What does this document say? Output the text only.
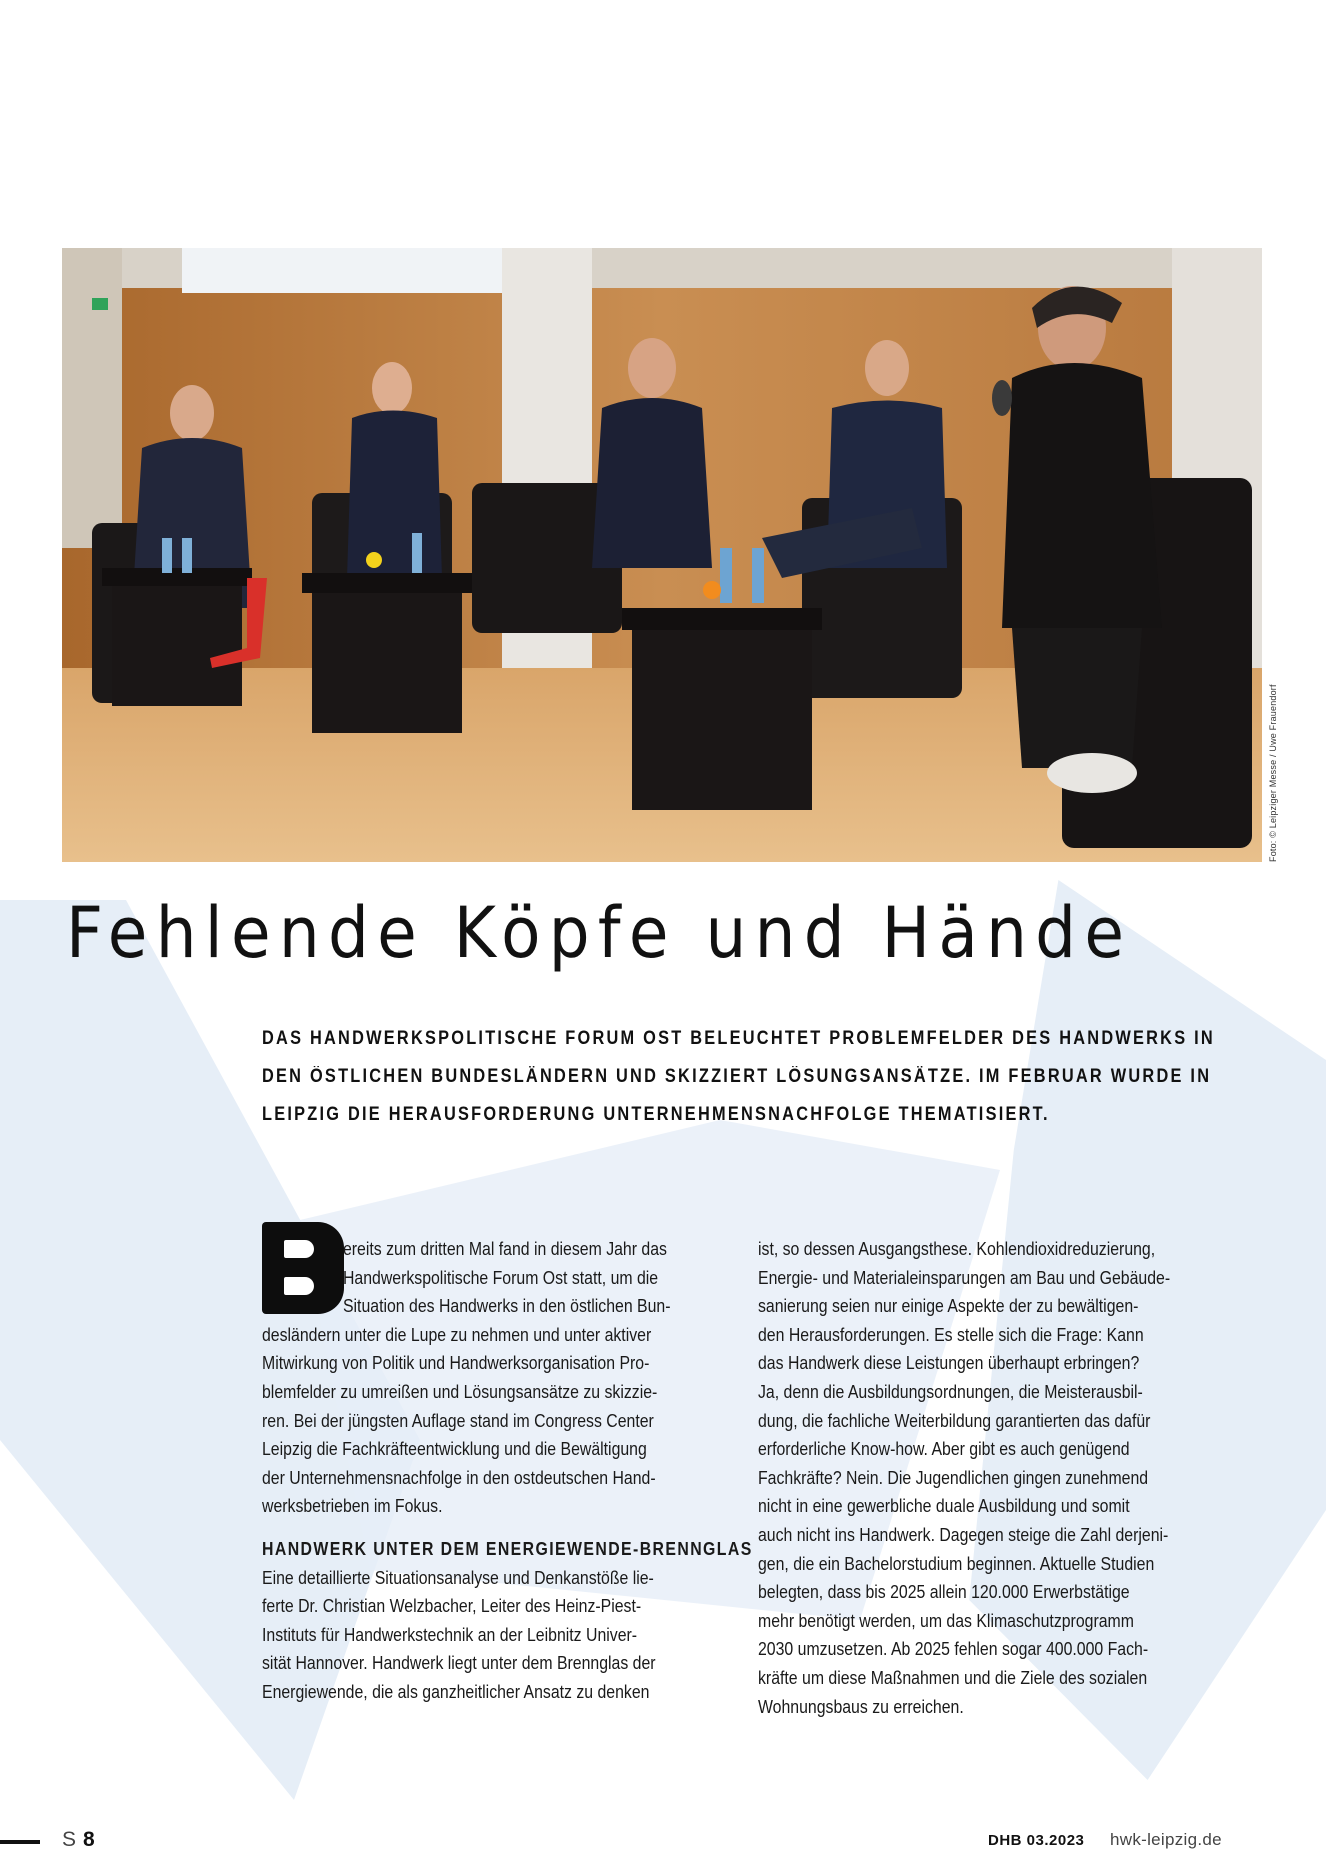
Foto: © Leipziger Messe / Uwe Frauendorf
Fehlende Köpfe und Hände
DAS HANDWERKSPOLITISCHE FORUM OST BELEUCHTET PROBLEMFELDER DES HANDWERKS IN
DEN ÖSTLICHEN BUNDESLÄNDERN UND SKIZZIERT LÖSUNGSANSÄTZE. IM FEBRUAR WURDE IN
LEIPZIG DIE HERAUSFORDERUNG UNTERNEHMENSNACHFOLGE THEMATISIERT.
ereits zum dritten Mal fand in diesem Jahr das
Handwerkspolitische Forum Ost statt, um die
Situation des Handwerks in den östlichen Bun-
desländern unter die Lupe zu nehmen und unter aktiver
Mitwirkung von Politik und Handwerksorganisation Pro-
blemfelder zu umreißen und Lösungsansätze zu skizzie-
ren. Bei der jüngsten Auflage stand im Congress Center
Leipzig die Fachkräfteentwicklung und die Bewältigung
der Unternehmensnachfolge in den ostdeutschen Hand-
werksbetrieben im Fokus.
HANDWERK UNTER DEM ENERGIEWENDE-BRENNGLAS
Eine detaillierte Situationsanalyse und Denkanstöße lie-
ferte Dr. Christian Welzbacher, Leiter des Heinz-Piest-
Instituts für Handwerkstechnik an der Leibnitz Univer-
sität Hannover. Handwerk liegt unter dem Brennglas der
Energiewende, die als ganzheitlicher Ansatz zu denken
ist, so dessen Ausgangsthese. Kohlendioxidreduzierung,
Energie- und Materialeinsparungen am Bau und Gebäude-
sanierung seien nur einige Aspekte der zu bewältigen-
den Herausforderungen. Es stelle sich die Frage: Kann
das Handwerk diese Leistungen überhaupt erbringen?
Ja, denn die Ausbildungsordnungen, die Meisterausbil-
dung, die fachliche Weiterbildung garantierten das dafür
erforderliche Know-how. Aber gibt es auch genügend
Fachkräfte? Nein. Die Jugendlichen gingen zunehmend
nicht in eine gewerbliche duale Ausbildung und somit
auch nicht ins Handwerk. Dagegen steige die Zahl derjeni-
gen, die ein Bachelorstudium beginnen. Aktuelle Studien
belegten, dass bis 2025 allein 120.000 Erwerbstätige
mehr benötigt werden, um das Klimaschutzprogramm
2030 umzusetzen. Ab 2025 fehlen sogar 400.000 Fach-
kräfte um diese Maßnahmen und die Ziele des sozialen
Wohnungsbaus zu erreichen.
S 8	DHB 03.2023 hwk-leipzig.de
